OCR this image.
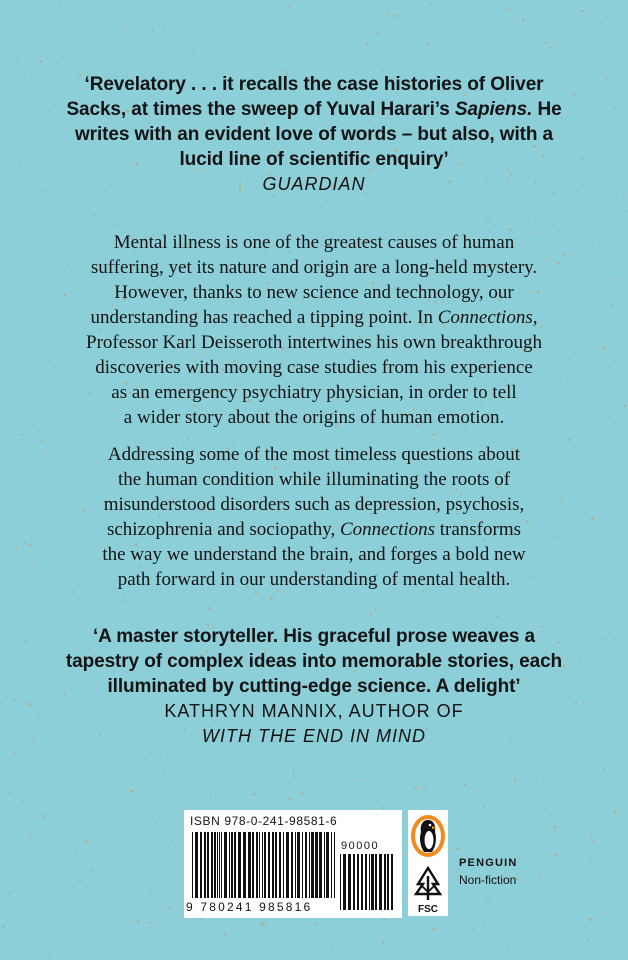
‘Revelatory . . . it recalls the case histories of Oliver

Sacks, at times the sweep of Yuval Harari’s Sapiens. He

writes with an evident love of words – but also, with a

lucid line of scientific enquiry’

GUARDIAN

Mental illness is one of the greatest causes of human
suffering, yet its nature and origin are a long-held mystery.
However, thanks to new science and technology, our
understanding has reached a tipping point. In Connections,
Professor Karl Deisseroth intertwines his own breakthrough
discoveries with moving case studies from his experience
as an emergency psychiatry physician, in order to tell
a wider story about the origins of human emotion.
Addressing some of the most timeless questions about
the human condition while illuminating the roots of
misunderstood disorders such as depression, psychosis,
schizophrenia and sociopathy, Connections transforms
the way we understand the brain, and forges a bold new
path forward in our understanding of mental health.

‘A master storyteller. His graceful prose weaves a

tapestry of complex ideas into memorable stories, each

illuminated by cutting-edge science. A delight’

KATHRYN MANNIX, AUTHOR OF

WITH THE END IN MIND

ISBN 978-0-241-98581-6
9 780241 985816
90000
FSC
PENGUIN
Non-fiction
